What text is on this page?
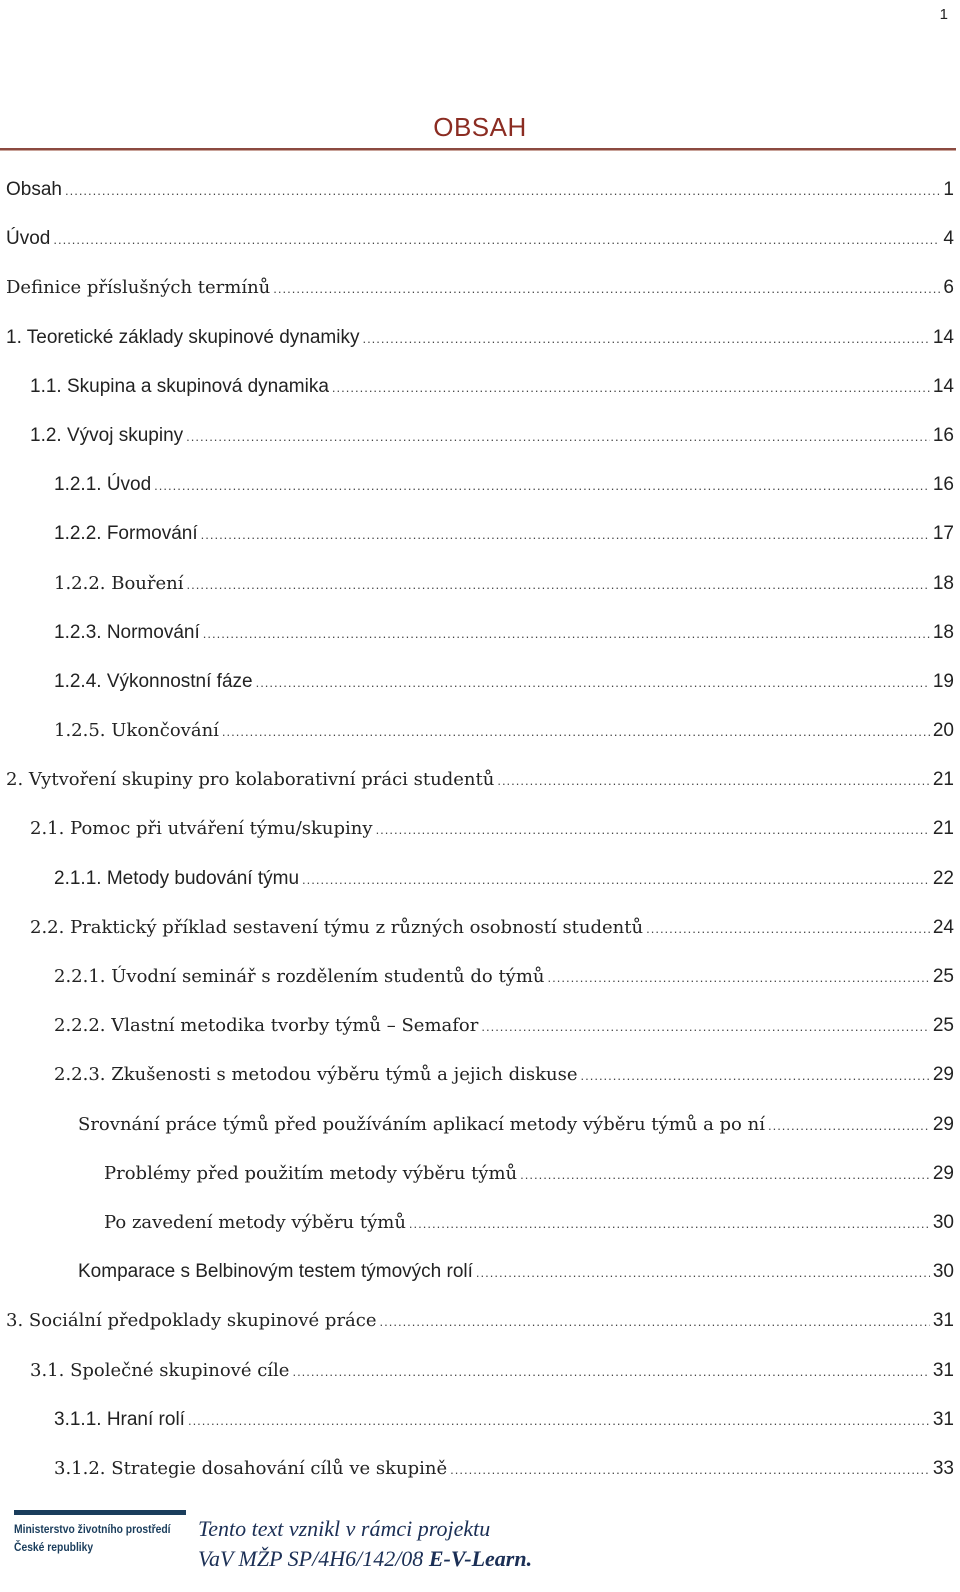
1
OBSAH
Obsah .....	1
Úvod .....	4
Definice příslušných termínů .....	6
1. Teoretické základy skupinové dynamiky .....	14
1.1. Skupina a skupinová dynamika .....	14
1.2. Vývoj skupiny .....	16
1.2.1. Úvod .....	16
1.2.2. Formování .....	17
1.2.2. Bouření .....	18
1.2.3. Normování .....	18
1.2.4. Výkonnostní fáze .....	19
1.2.5. Ukončování .....	20
2. Vytvoření skupiny pro kolaborativní práci studentů .....	21
2.1. Pomoc při utváření týmu/skupiny .....	21
2.1.1. Metody budování týmu .....	22
2.2. Praktický příklad sestavení týmu z různých osobností studentů .....	24
2.2.1. Úvodní seminář s rozdělením studentů do týmů .....	25
2.2.2. Vlastní metodika tvorby týmů – Semafor .....	25
2.2.3. Zkušenosti s metodou výběru týmů a jejich diskuse .....	29
Srovnání práce týmů před používáním aplikací metody výběru týmů a po ní .....	29
Problémy před použitím metody výběru týmů .....	29
Po zavedení metody výběru týmů .....	30
Komparace s Belbinovým testem týmových rolí .....	30
3. Sociální předpoklady skupinové práce .....	31
3.1. Společné skupinové cíle .....	31
3.1.1. Hraní rolí .....	31
3.1.2. Strategie dosahování cílů ve skupině .....	33
Ministerstvo životního prostředí
České republiky
Tento text vznikl v rámci projektu
VaV MŽP SP/4H6/142/08 E-V-Learn.
